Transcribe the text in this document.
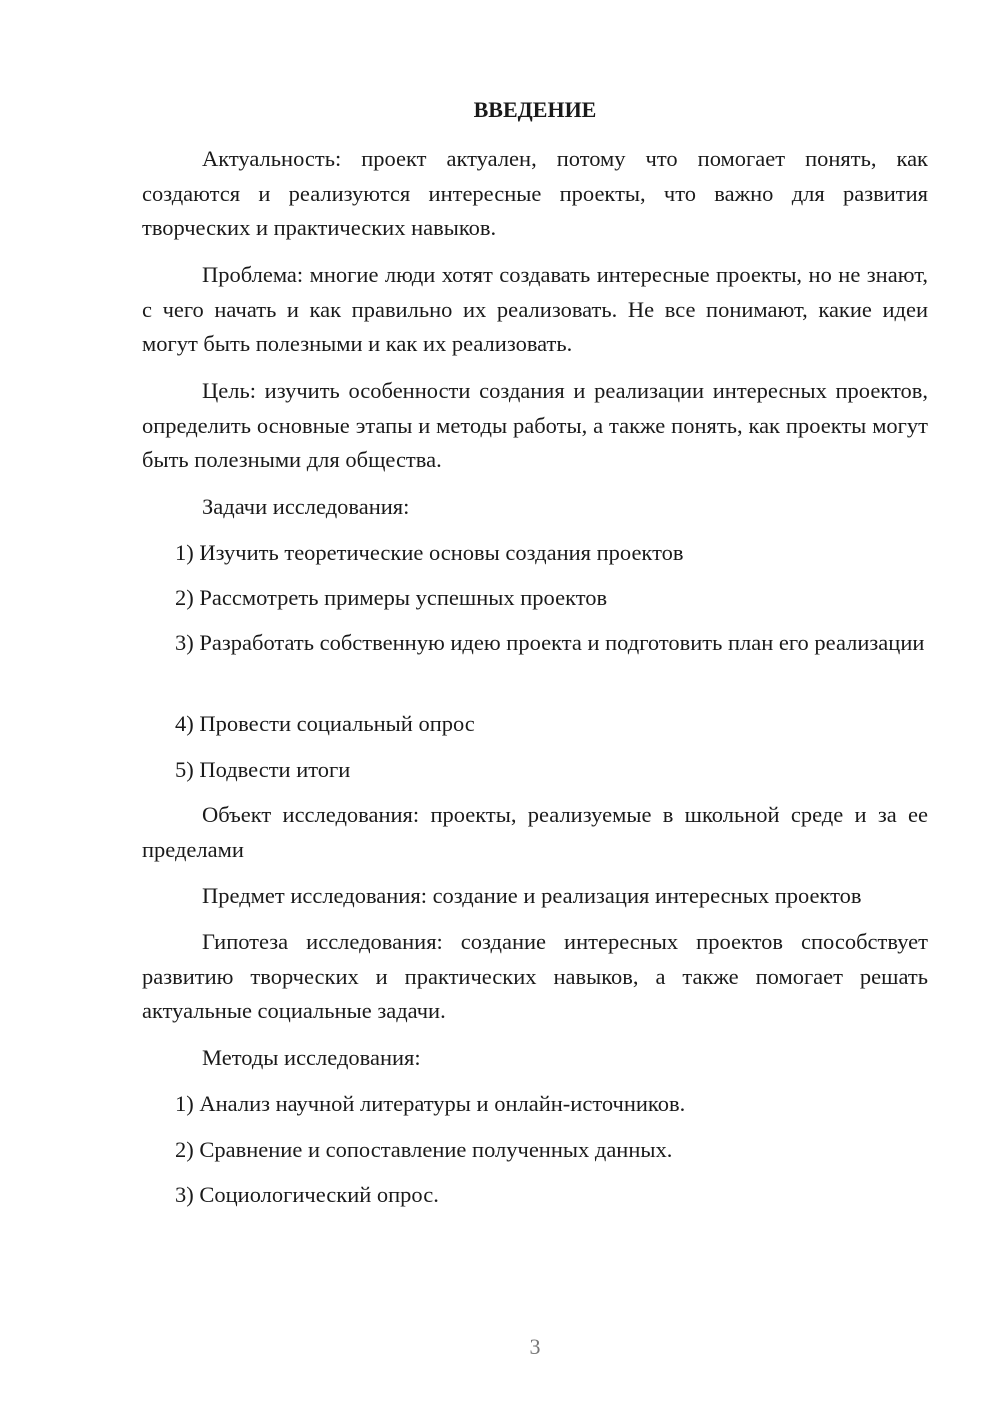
ВВЕДЕНИЕ

Актуальность: проект актуален, потому что помогает понять, как создаются и реализуются интересные проекты, что важно для развития творческих и практических навыков.

Проблема: многие люди хотят создавать интересные проекты, но не знают, с чего начать и как правильно их реализовать. Не все понимают, какие идеи могут быть полезными и как их реализовать.

Цель: изучить особенности создания и реализации интересных проектов, определить основные этапы и методы работы, а также понять, как проекты могут быть полезными для общества.

Задачи исследования:

1) Изучить теоретические основы создания проектов

2) Рассмотреть примеры успешных проектов

3) Разработать собственную идею проекта и подготовить план его реализации

4) Провести социальный опрос

5) Подвести итоги

Объект исследования: проекты, реализуемые в школьной среде и за ее пределами

Предмет исследования: создание и реализация интересных проектов

Гипотеза исследования: создание интересных проектов способствует развитию творческих и практических навыков, а также помогает решать актуальные социальные задачи.

Методы исследования:

1) Анализ научной литературы и онлайн-источников.

2) Сравнение и сопоставление полученных данных.

3) Социологический опрос.

3
